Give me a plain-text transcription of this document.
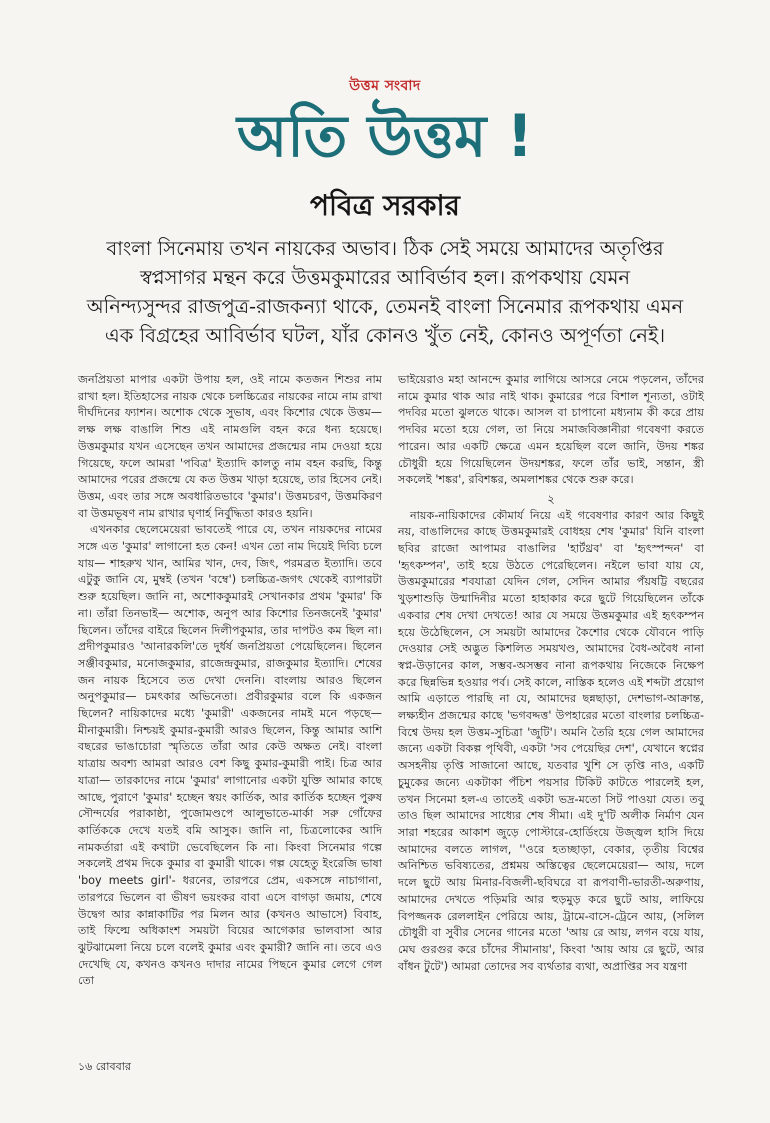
উত্তম সংবাদ
অতি উত্তম !
পবিত্র সরকার
বাংলা সিনেমায় তখন নায়কের অভাব। ঠিক সেই সময়ে আমাদের অতৃপ্তির
স্বপ্নসাগর মন্থন করে উত্তমকুমারের আবির্ভাব হল। রূপকথায় যেমন
অনিন্দ্যসুন্দর রাজপুত্র-রাজকন্যা থাকে, তেমনই বাংলা সিনেমার রূপকথায় এমন
এক বিগ্রহের আবির্ভাব ঘটল, যাঁর কোনও খুঁত নেই, কোনও অপূর্ণতা নেই।

জনপ্রিয়তা মাপার একটা উপায় হল, ওই নামে কতজন শিশুর নাম রাখা হল। ইতিহাসের নায়ক থেকে চলচ্চিত্রের নায়কের নামে নাম রাখা দীর্ঘদিনের ফ্যাশন। অশোক থেকে সুভাষ, এবং কিশোর থেকে উত্তম— লক্ষ লক্ষ বাঙালি শিশু এই নামগুলি বহন করে ধন্য হয়েছে। উত্তমকুমার যখন এসেছেন তখন আমাদের প্রজন্মের নাম দেওয়া হয়ে গিয়েছে, ফলে আমরা 'পবিত্র' ইত্যাদি কালতু নাম বহন করছি, কিন্তু আমাদের পরের প্রজন্মে যে কত উত্তম খাড়া হয়েছে, তার হিসেব নেই। উত্তম, এবং তার সঙ্গে অবধারিতভাবে 'কুমার'। উত্তমচরণ, উত্তমকিরণ বা উত্তমভূষণ নাম রাখার ঘৃণার্হ নির্বুদ্ধিতা কারও হয়নি।

এখনকার ছেলেমেয়েরা ভাবতেই পারে যে, তখন নায়কদের নামের সঙ্গে এত 'কুমার' লাগানো হত কেন! এখন তো নাম দিয়েই দিব্যি চলে যায়— শাহরুখ খান, আমির খান, দেব, জিৎ, পরমব্রত ইত্যাদি। তবে এটুকু জানি যে, মুম্বই (তখন 'বম্বে') চলচ্চিত্র-জগৎ থেকেই ব্যাপারটা শুরু হয়েছিল। জানি না, অশোককুমারই সেখানকার প্রথম 'কুমার' কি না। তাঁরা তিনভাই— অশোক, অনুপ আর কিশোর তিনজনেই 'কুমার' ছিলেন। তাঁদের বাইরে ছিলেন দিলীপকুমার, তার দাপটও কম ছিল না। প্রদীপকুমারও 'আনারকলি'তে দুর্ধর্ষ জনপ্রিয়তা পেয়েছিলেন। ছিলেন সঞ্জীবকুমার, মনোজকুমার, রাজেন্দ্রকুমার, রাজকুমার ইত্যাদি। শেষের জন নায়ক হিসেবে তত দেখা দেননি। বাংলায় আরও ছিলেন অনুপকুমার— চমৎকার অভিনেতা। প্রবীরকুমার বলে কি একজন ছিলেন? নায়িকাদের মধ্যে 'কুমারী' একজনের নামই মনে পড়ছে— মীনাকুমারী। নিশ্চয়ই কুমার-কুমারী আরও ছিলেন, কিন্তু আমার আশি বছরের ভাঙাচোরা স্মৃতিতে তাঁরা আর কেউ অক্ষত নেই। বাংলা যাত্রায় অবশ্য আমরা আরও বেশ কিছু কুমার-কুমারী পাই। চিত্র আর যাত্রা— তারকাদের নামে 'কুমার' লাগানোর একটা যুক্তি আমার কাছে আছে, পুরাণে 'কুমার' হচ্ছেন স্বয়ং কার্তিক, আর কার্তিক হচ্ছেন পুরুষ সৌন্দর্যের পরাকাষ্ঠা, পুজোমণ্ডপে আলুভাতে-মার্কা সরু গোঁফের কার্তিককে দেখে যতই বমি আসুক। জানি না, চিত্রলোকের আদি নামকর্তারা এই কথাটা ভেবেছিলেন কি না। কিংবা সিনেমার গল্পে সকলেই প্রথম দিকে কুমার বা কুমারী থাকে। গল্প যেহেতু ইংরেজি ভাষা 'boy meets girl'- ধরনের, তারপরে প্রেম, একসঙ্গে নাচাগানা, তারপরে ভিলেন বা ভীষণ ভয়ংকর বাবা এসে বাগড়া জমায়, শেষে উদ্বেগ আর কান্নাকাটির পর মিলন আর (কখনও আভাসে) বিবাহ, তাই ফিল্মে অধিকাংশ সময়টা বিয়ের আগেকার ভালবাসা আর ঝুটঝামেলা নিয়ে চলে বলেই কুমার এবং কুমারী? জানি না। তবে এও দেখেছি যে, কখনও কখনও দাদার নামের পিছনে কুমার লেগে গেল তো

ভাইয়েরাও মহা আনন্দে কুমার লাগিয়ে আসরে নেমে পড়লেন, তাঁদের নামে কুমার থাক আর নাই থাক। কুমারের পরে বিশাল শূন্যতা, ওটাই পদবির মতো ঝুলতে থাকে। আসল বা চাপানো মধ্যনাম কী করে প্রায় পদবির মতো হয়ে গেল, তা নিয়ে সমাজবিজ্ঞানীরা গবেষণা করতে পারেন। আর একটি ক্ষেত্রে এমন হয়েছিল বলে জানি, উদয় শঙ্কর চৌধুরী হয়ে গিয়েছিলেন উদয়শঙ্কর, ফলে তাঁর ভাই, সন্তান, স্ত্রী সকলেই 'শঙ্কর', রবিশঙ্কর, অমলাশঙ্কর থেকে শুরু করে।

২

নায়ক-নায়িকাদের কৌমার্য নিয়ে এই গবেষণার কারণ আর কিছুই নয়, বাঙালিদের কাছে উত্তমকুমারই বোধহয় শেষ 'কুমার' যিনি বাংলা ছবির রাজো আপামর বাঙালির 'হার্টথ্রব' বা 'হৃৎস্পন্দন' বা 'হৃৎকম্পন', তাই হয়ে উঠতে পেরেছিলেন। নইলে ভাবা যায় যে, উত্তমকুমারের শবযাত্রা যেদিন গেল, সেদিন আমার পঁয়ষট্টি বছরের খুড়শাশুড়ি উন্মাদিনীর মতো হাহাকার করে ছুটে গিয়েছিলেন তাঁকে একবার শেষ দেখা দেখতে! আর যে সময়ে উত্তমকুমার এই হৃৎকম্পন হয়ে উঠেছিলেন, সে সময়টা আমাদের কৈশোর থেকে যৌবনে পাড়ি দেওয়ার সেই অদ্ভুত কিশলিত সময়খণ্ড, আমাদের বৈধ-অবৈধ নানা স্বপ্ন-উড়ানের কাল, সম্ভব-অসম্ভব নানা রূপকথায় নিজেকে নিক্ষেপ করে ছিন্নভিন্ন হওয়ার পর্ব। সেই কালে, নাস্তিক হলেও এই শব্দটা প্রয়োগ আমি এড়াতে পারছি না যে, আমাদের ছন্নছাড়া, দেশভাগ-আক্রান্ত, লক্ষ্যহীন প্রজন্মের কাছে 'ভগবদ্দত্ত' উপহারের মতো বাংলার চলচ্চিত্র-বিশ্বে উদয় হল উত্তম-সুচিত্রা 'জুটি'। অমনি তৈরি হয়ে গেল আমাদের জন্যে একটা বিকল্প পৃথিবী, একটা 'সব পেয়েছির দেশ', যেখানে স্বপ্নের অসহনীয় তৃপ্তি সাজানো আছে, যতবার খুশি সে তৃপ্তি নাও, একটি চুমুকের জন্যে একটাকা পঁচিশ পয়সার টিকিট কাটতে পারলেই হল, তখন সিনেমা হল-এ তাতেই একটা ভদ্র-মতো সিট পাওয়া যেত। তবু তাও ছিল আমাদের সাধ্যের শেষ সীমা। এই দু'টি অলীক নির্মাণ যেন সারা শহরের আকাশ জুড়ে পোস্টারে-হোর্ডিংয়ে উজ্জ্বল হাসি দিয়ে আমাদের বলতে লাগল, ''ওরে হতচ্ছাড়া, বেকার, তৃতীয় বিশ্বের অনিশ্চিত ভবিষ্যতের, প্রশ্নময় অস্তিত্বের ছেলেমেয়েরা— আয়, দলে দলে ছুটে আয় মিনার-বিজলী-ছবিঘরে বা রূপবাণী-ভারতী-অরুণায়, আমাদের দেখতে পড়িমরি আর হুড়মুড় করে ছুটে আয়, লাফিয়ে বিপজ্জনক রেললাইন পেরিয়ে আয়, ট্রামে-বাসে-ট্রেনে আয়, (সলিল চৌধুরী বা সুবীর সেনের গানের মতো 'আয় রে আয়, লগন বয়ে যায়, মেঘ গুরগুর করে চাঁদের সীমানায়', কিংবা 'আয় আয় রে ছুটে, আর বাঁধন টুটে') আমরা তোদের সব ব্যর্থতার ব্যথা, অপ্রাপ্তির সব যন্ত্রণা

১৬ রোববার
